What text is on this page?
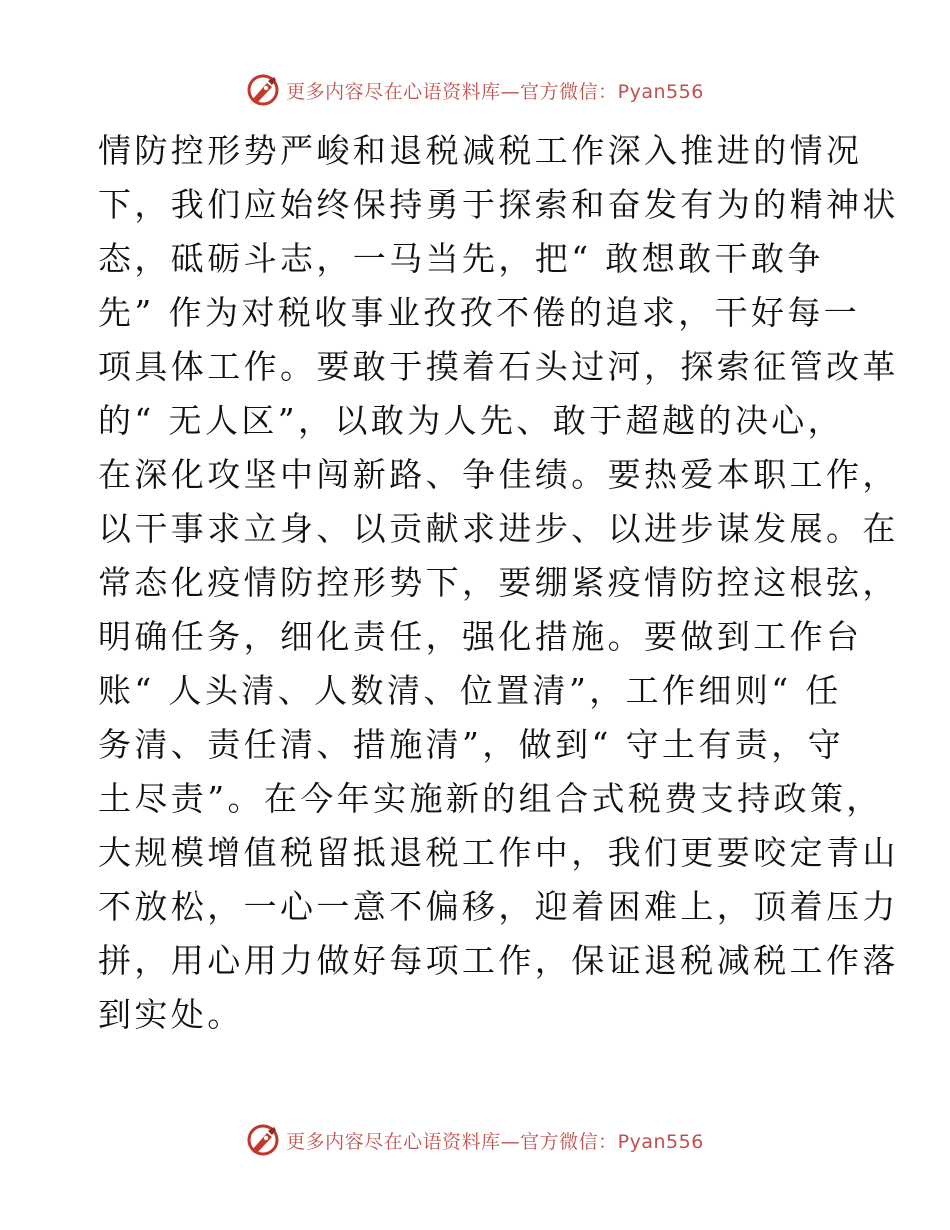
更多内容尽在心语资料库—官方微信：Pyan556
情防控形势严峻和退税减税工作深入推进的情况
下，我们应始终保持勇于探索和奋发有为的精神状
态，砥砺斗志，一马当先，把“ 敢想敢干敢争
先” 作为对税收事业孜孜不倦的追求，干好每一
项具体工作。要敢于摸着石头过河，探索征管改革
的“ 无人区”，以敢为人先、敢于超越的决心，
在深化攻坚中闯新路、争佳绩。要热爱本职工作，
以干事求立身、以贡献求进步、以进步谋发展。在
常态化疫情防控形势下，要绷紧疫情防控这根弦，
明确任务，细化责任，强化措施。要做到工作台
账“ 人头清、人数清、位置清”，工作细则“ 任
务清、责任清、措施清”，做到“ 守土有责，守
土尽责”。在今年实施新的组合式税费支持政策，
大规模增值税留抵退税工作中，我们更要咬定青山
不放松，一心一意不偏移，迎着困难上，顶着压力
拼，用心用力做好每项工作，保证退税减税工作落
到实处。
更多内容尽在心语资料库—官方微信：Pyan556
